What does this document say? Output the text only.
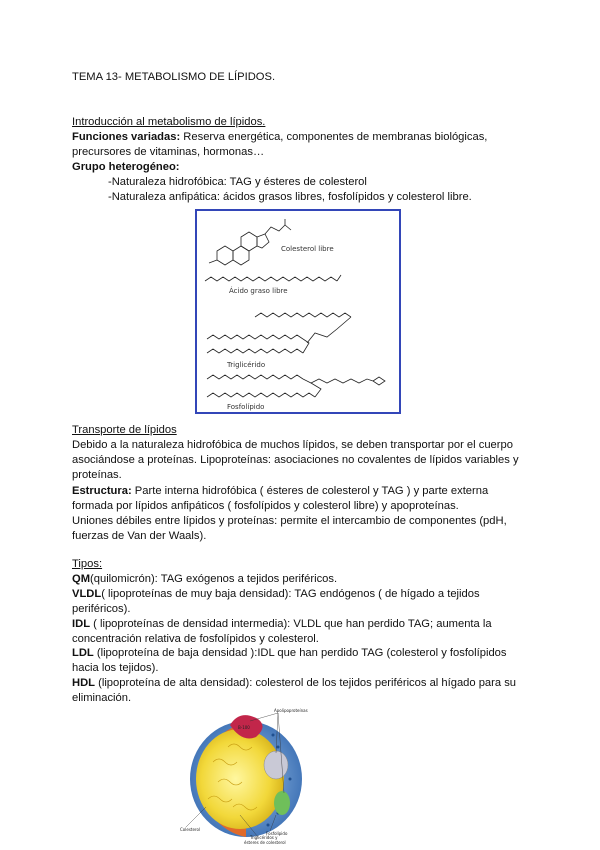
TEMA 13- METABOLISMO DE LÍPIDOS.
Introducción al metabolismo de lípidos.
Funciones variadas: Reserva energética, componentes de membranas biológicas,
precursores de vitaminas, hormonas…
Grupo heterogéneo:
-Naturaleza hidrofóbica: TAG y ésteres de colesterol
-Naturaleza anfipática: ácidos grasos libres, fosfolípidos y colesterol libre.
Colesterol libre
Ácido graso libre
Triglicérido
Fosfolípido
Transporte de lípidos
Debido a la naturaleza hidrofóbica de muchos lípidos, se deben transportar por el cuerpo
asociándose a proteínas. Lipoproteínas: asociaciones no covalentes de lípidos variables y
proteínas.
Estructura: Parte interna hidrofóbica ( ésteres de colesterol y TAG ) y parte externa
formada por lípidos anfipáticos ( fosfolípidos y colesterol libre) y apoproteínas.
Uniones débiles entre lípidos y proteínas: permite el intercambio de componentes (pdH,
fuerzas de Van der Waals).
Tipos:
QM(quilomicrón): TAG exógenos a tejidos periféricos.
VLDL( lipoproteínas de muy baja densidad): TAG endógenos ( de hígado a tejidos
periféricos).
IDL ( lipoproteínas de densidad intermedia): VLDL que han perdido TAG; aumenta la
concentración relativa de fosfolípidos y colesterol.
LDL (lipoproteína de baja densidad ):IDL que han perdido TAG (colesterol y fosfolípidos
hacia los tejidos).
HDL (lipoproteína de alta densidad): colesterol de los tejidos periféricos al hígado para su
eliminación.
Apolipoproteínas
B-100
Colesterol
Fosfolípido
Triglicéridos y
ésteres de colesterol
